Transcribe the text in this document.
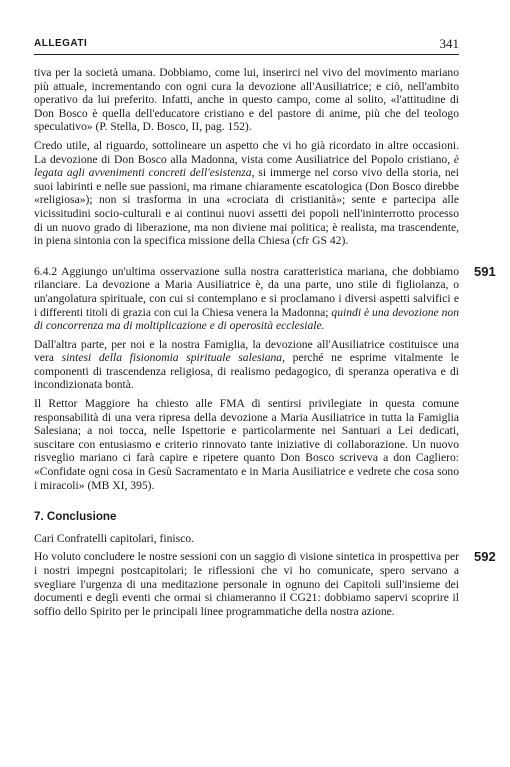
ALLEGATI	341

tiva per la società umana. Dobbiamo, come lui, inserirci nel vivo del movimento mariano più attuale, incrementando con ogni cura la devozione all'Ausiliatrice; e ciò, nell'ambito operativo da lui preferito. Infatti, anche in questo campo, come al solito, «l'attitudine di Don Bosco è quella dell'educatore cristiano e del pastore di anime, più che del teologo speculativo» (P. Stella, D. Bosco, II, pag. 152).

Credo utile, al riguardo, sottolineare un aspetto che vi ho già ricordato in altre occasioni. La devozione di Don Bosco alla Madonna, vista come Ausiliatrice del Popolo cristiano, è legata agli avvenimenti concreti dell'esistenza, si immerge nel corso vivo della storia, nei suoi labirinti e nelle sue passioni, ma rimane chiaramente escatologica (Don Bosco direbbe «religiosa»); non si trasforma in una «crociata di cristianità»; sente e partecipa alle vicissitudini socio-culturali e ai continui nuovi assetti dei popoli nell'ininterrotto processo di un nuovo grado di liberazione, ma non diviene mai politica; è realista, ma trascendente, in piena sintonia con la specifica missione della Chiesa (cfr GS 42).

591

6.4.2 Aggiungo un'ultima osservazione sulla nostra caratteristica mariana, che dobbiamo rilanciare. La devozione a Maria Ausiliatrice è, da una parte, uno stile di figliolanza, o un'angolatura spirituale, con cui si contemplano e si proclamano i diversi aspetti salvifici e i differenti titoli di grazia con cui la Chiesa venera la Madonna; quindi è una devozione non di concorrenza ma di moltiplicazione e di operosità ecclesiale.

Dall'altra parte, per noi e la nostra Famiglia, la devozione all'Ausiliatrice costituisce una vera sintesi della fisionomia spirituale salesiana, perché ne esprime vitalmente le componenti di trascendenza religiosa, di realismo pedagogico, di speranza operativa e di incondizionata bontà.

Il Rettor Maggiore ha chiesto alle FMA di sentirsi privilegiate in questa comune responsabilità di una vera ripresa della devozione a Maria Ausiliatrice in tutta la Famiglia Salesiana; a noi tocca, nelle Ispettorie e particolarmente nei Santuari a Lei dedicati, suscitare con entusiasmo e criterio rinnovato tante iniziative di collaborazione. Un nuovo risveglio mariano ci farà capire e ripetere quanto Don Bosco scriveva a don Cagliero: «Confidate ogni cosa in Gesù Sacramentato e in Maria Ausiliatrice e vedrete che cosa sono i miracoli» (MB XI, 395).

7. Conclusione

Cari Confratelli capitolari, finisco.

592

Ho voluto concludere le nostre sessioni con un saggio di visione sintetica in prospettiva per i nostri impegni postcapitolari; le riflessioni che vi ho comunicate, spero servano a svegliare l'urgenza di una meditazione personale in ognuno dei Capitoli sull'insieme dei documenti e degli eventi che ormai si chiameranno il CG21: dobbiamo sapervi scoprire il soffio dello Spirito per le principali linee programmatiche della nostra azione.
